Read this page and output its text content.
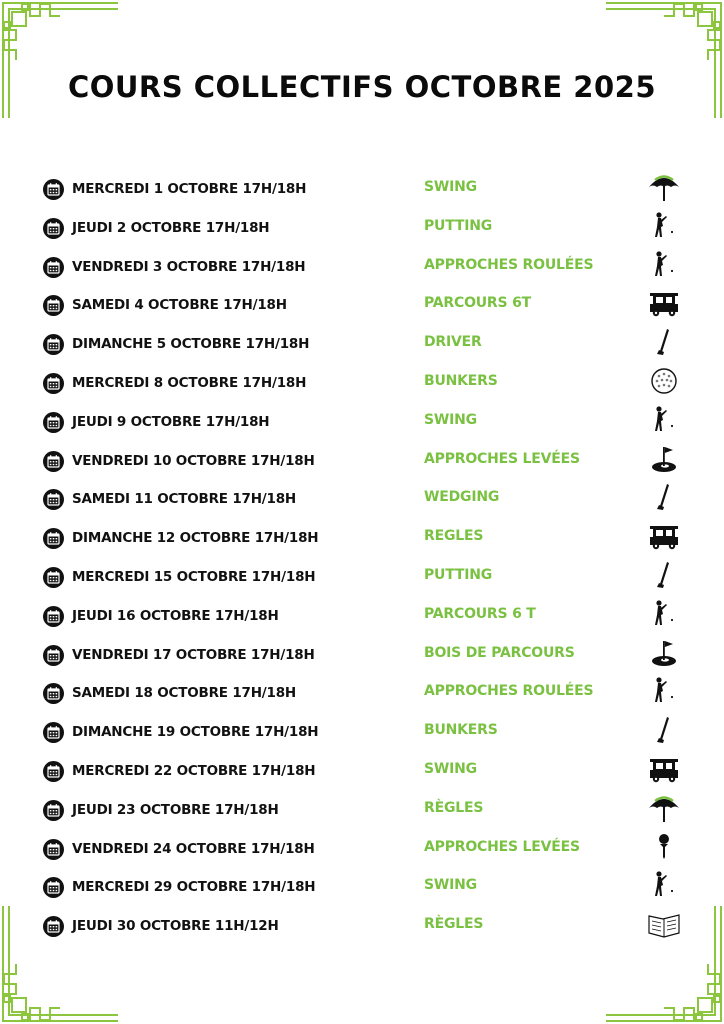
COURS COLLECTIFS OCTOBRE 2025
MERCREDI 1 OCTOBRE 17H/18H	SWING
JEUDI 2 OCTOBRE 17H/18H	PUTTING
VENDREDI 3 OCTOBRE 17H/18H	APPROCHES ROULÉES
SAMEDI 4 OCTOBRE 17H/18H	PARCOURS 6T
DIMANCHE 5 OCTOBRE 17H/18H	DRIVER
MERCREDI 8 OCTOBRE 17H/18H	BUNKERS
JEUDI 9 OCTOBRE 17H/18H	SWING
VENDREDI 10 OCTOBRE 17H/18H	APPROCHES LEVÉES
SAMEDI 11 OCTOBRE 17H/18H	WEDGING
DIMANCHE 12 OCTOBRE 17H/18H	REGLES
MERCREDI 15 OCTOBRE 17H/18H	PUTTING
JEUDI 16 OCTOBRE 17H/18H	PARCOURS 6 T
VENDREDI 17 OCTOBRE 17H/18H	BOIS DE PARCOURS
SAMEDI 18 OCTOBRE 17H/18H	APPROCHES ROULÉES
DIMANCHE 19 OCTOBRE 17H/18H	BUNKERS
MERCREDI 22 OCTOBRE 17H/18H	SWING
JEUDI 23 OCTOBRE 17H/18H	RÈGLES
VENDREDI 24 OCTOBRE 17H/18H	APPROCHES LEVÉES
MERCREDI 29 OCTOBRE 17H/18H	SWING
JEUDI 30 OCTOBRE 11H/12H	RÈGLES
